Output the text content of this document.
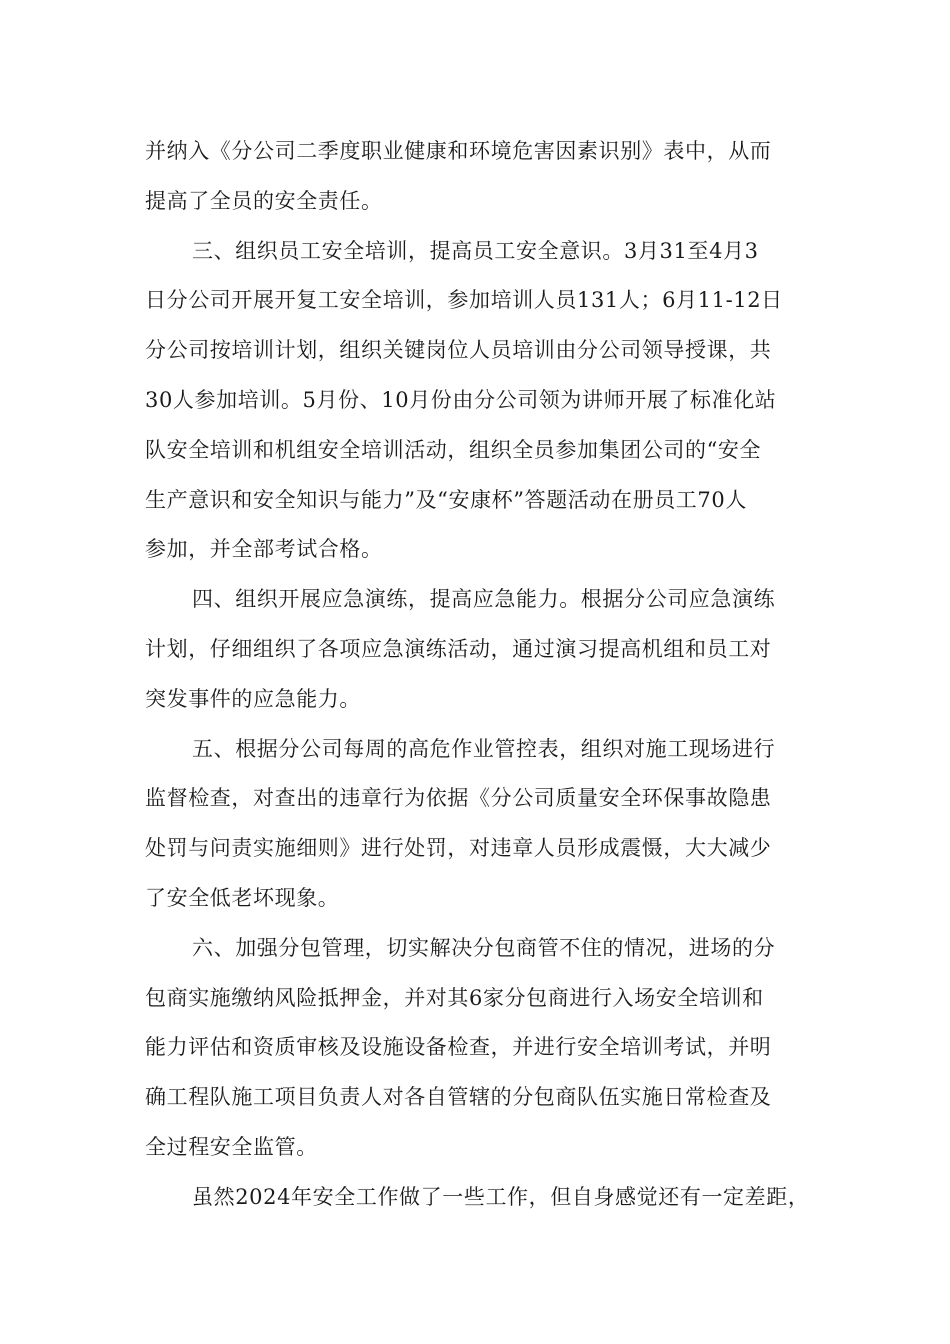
并纳入《分公司二季度职业健康和环境危害因素识别》表中，从而
提高了全员的安全责任。
三、组织员工安全培训，提高员工安全意识。3月31至4月3
日分公司开展开复工安全培训，参加培训人员131人；6月11-12日
分公司按培训计划，组织关键岗位人员培训由分公司领导授课，共
30人参加培训。5月份、10月份由分公司领为讲师开展了标准化站
队安全培训和机组安全培训活动，组织全员参加集团公司的“安全
生产意识和安全知识与能力”及“安康杯”答题活动在册员工70人
参加，并全部考试合格。
四、组织开展应急演练，提高应急能力。根据分公司应急演练
计划，仔细组织了各项应急演练活动，通过演习提高机组和员工对
突发事件的应急能力。
五、根据分公司每周的高危作业管控表，组织对施工现场进行
监督检查，对查出的违章行为依据《分公司质量安全环保事故隐患
处罚与问责实施细则》进行处罚，对违章人员形成震慑，大大减少
了安全低老坏现象。
六、加强分包管理，切实解决分包商管不住的情况，进场的分
包商实施缴纳风险抵押金，并对其6家分包商进行入场安全培训和
能力评估和资质审核及设施设备检查，并进行安全培训考试，并明
确工程队施工项目负责人对各自管辖的分包商队伍实施日常检查及
全过程安全监管。
虽然2024年安全工作做了一些工作，但自身感觉还有一定差距，
